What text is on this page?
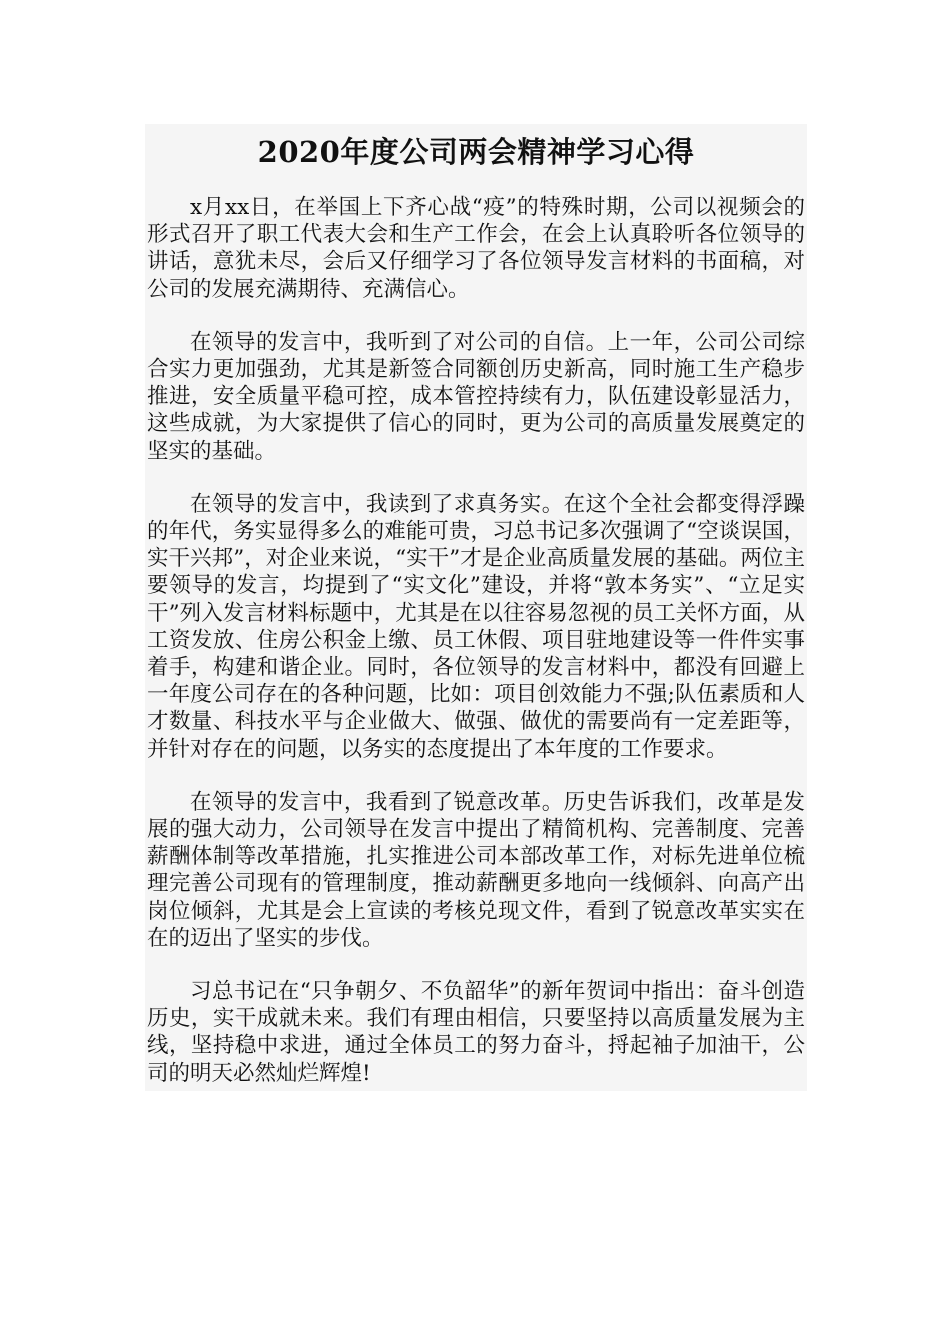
2020年度公司两会精神学习心得

x月xx日，在举国上下齐心战“疫”的特殊时期，公司以视频会的形式召开了职工代表大会和生产工作会，在会上认真聆听各位领导的讲话，意犹未尽，会后又仔细学习了各位领导发言材料的书面稿，对公司的发展充满期待、充满信心。

在领导的发言中，我听到了对公司的自信。上一年，公司公司综合实力更加强劲，尤其是新签合同额创历史新高，同时施工生产稳步推进，安全质量平稳可控，成本管控持续有力，队伍建设彰显活力，这些成就，为大家提供了信心的同时，更为公司的高质量发展奠定的坚实的基础。

在领导的发言中，我读到了求真务实。在这个全社会都变得浮躁的年代，务实显得多么的难能可贵，习总书记多次强调了“空谈误国，实干兴邦”，对企业来说，“实干”才是企业高质量发展的基础。两位主要领导的发言，均提到了“实文化”建设，并将“敦本务实”、“立足实干”列入发言材料标题中，尤其是在以往容易忽视的员工关怀方面，从工资发放、住房公积金上缴、员工休假、项目驻地建设等一件件实事着手，构建和谐企业。同时，各位领导的发言材料中，都没有回避上一年度公司存在的各种问题，比如：项目创效能力不强;队伍素质和人才数量、科技水平与企业做大、做强、做优的需要尚有一定差距等，并针对存在的问题，以务实的态度提出了本年度的工作要求。

在领导的发言中，我看到了锐意改革。历史告诉我们，改革是发展的强大动力，公司领导在发言中提出了精简机构、完善制度、完善薪酬体制等改革措施，扎实推进公司本部改革工作，对标先进单位梳理完善公司现有的管理制度，推动薪酬更多地向一线倾斜、向高产出岗位倾斜，尤其是会上宣读的考核兑现文件，看到了锐意改革实实在在的迈出了坚实的步伐。

习总书记在“只争朝夕、不负韶华”的新年贺词中指出：奋斗创造历史，实干成就未来。我们有理由相信，只要坚持以高质量发展为主线，坚持稳中求进，通过全体员工的努力奋斗，捋起袖子加油干，公司的明天必然灿烂辉煌!
